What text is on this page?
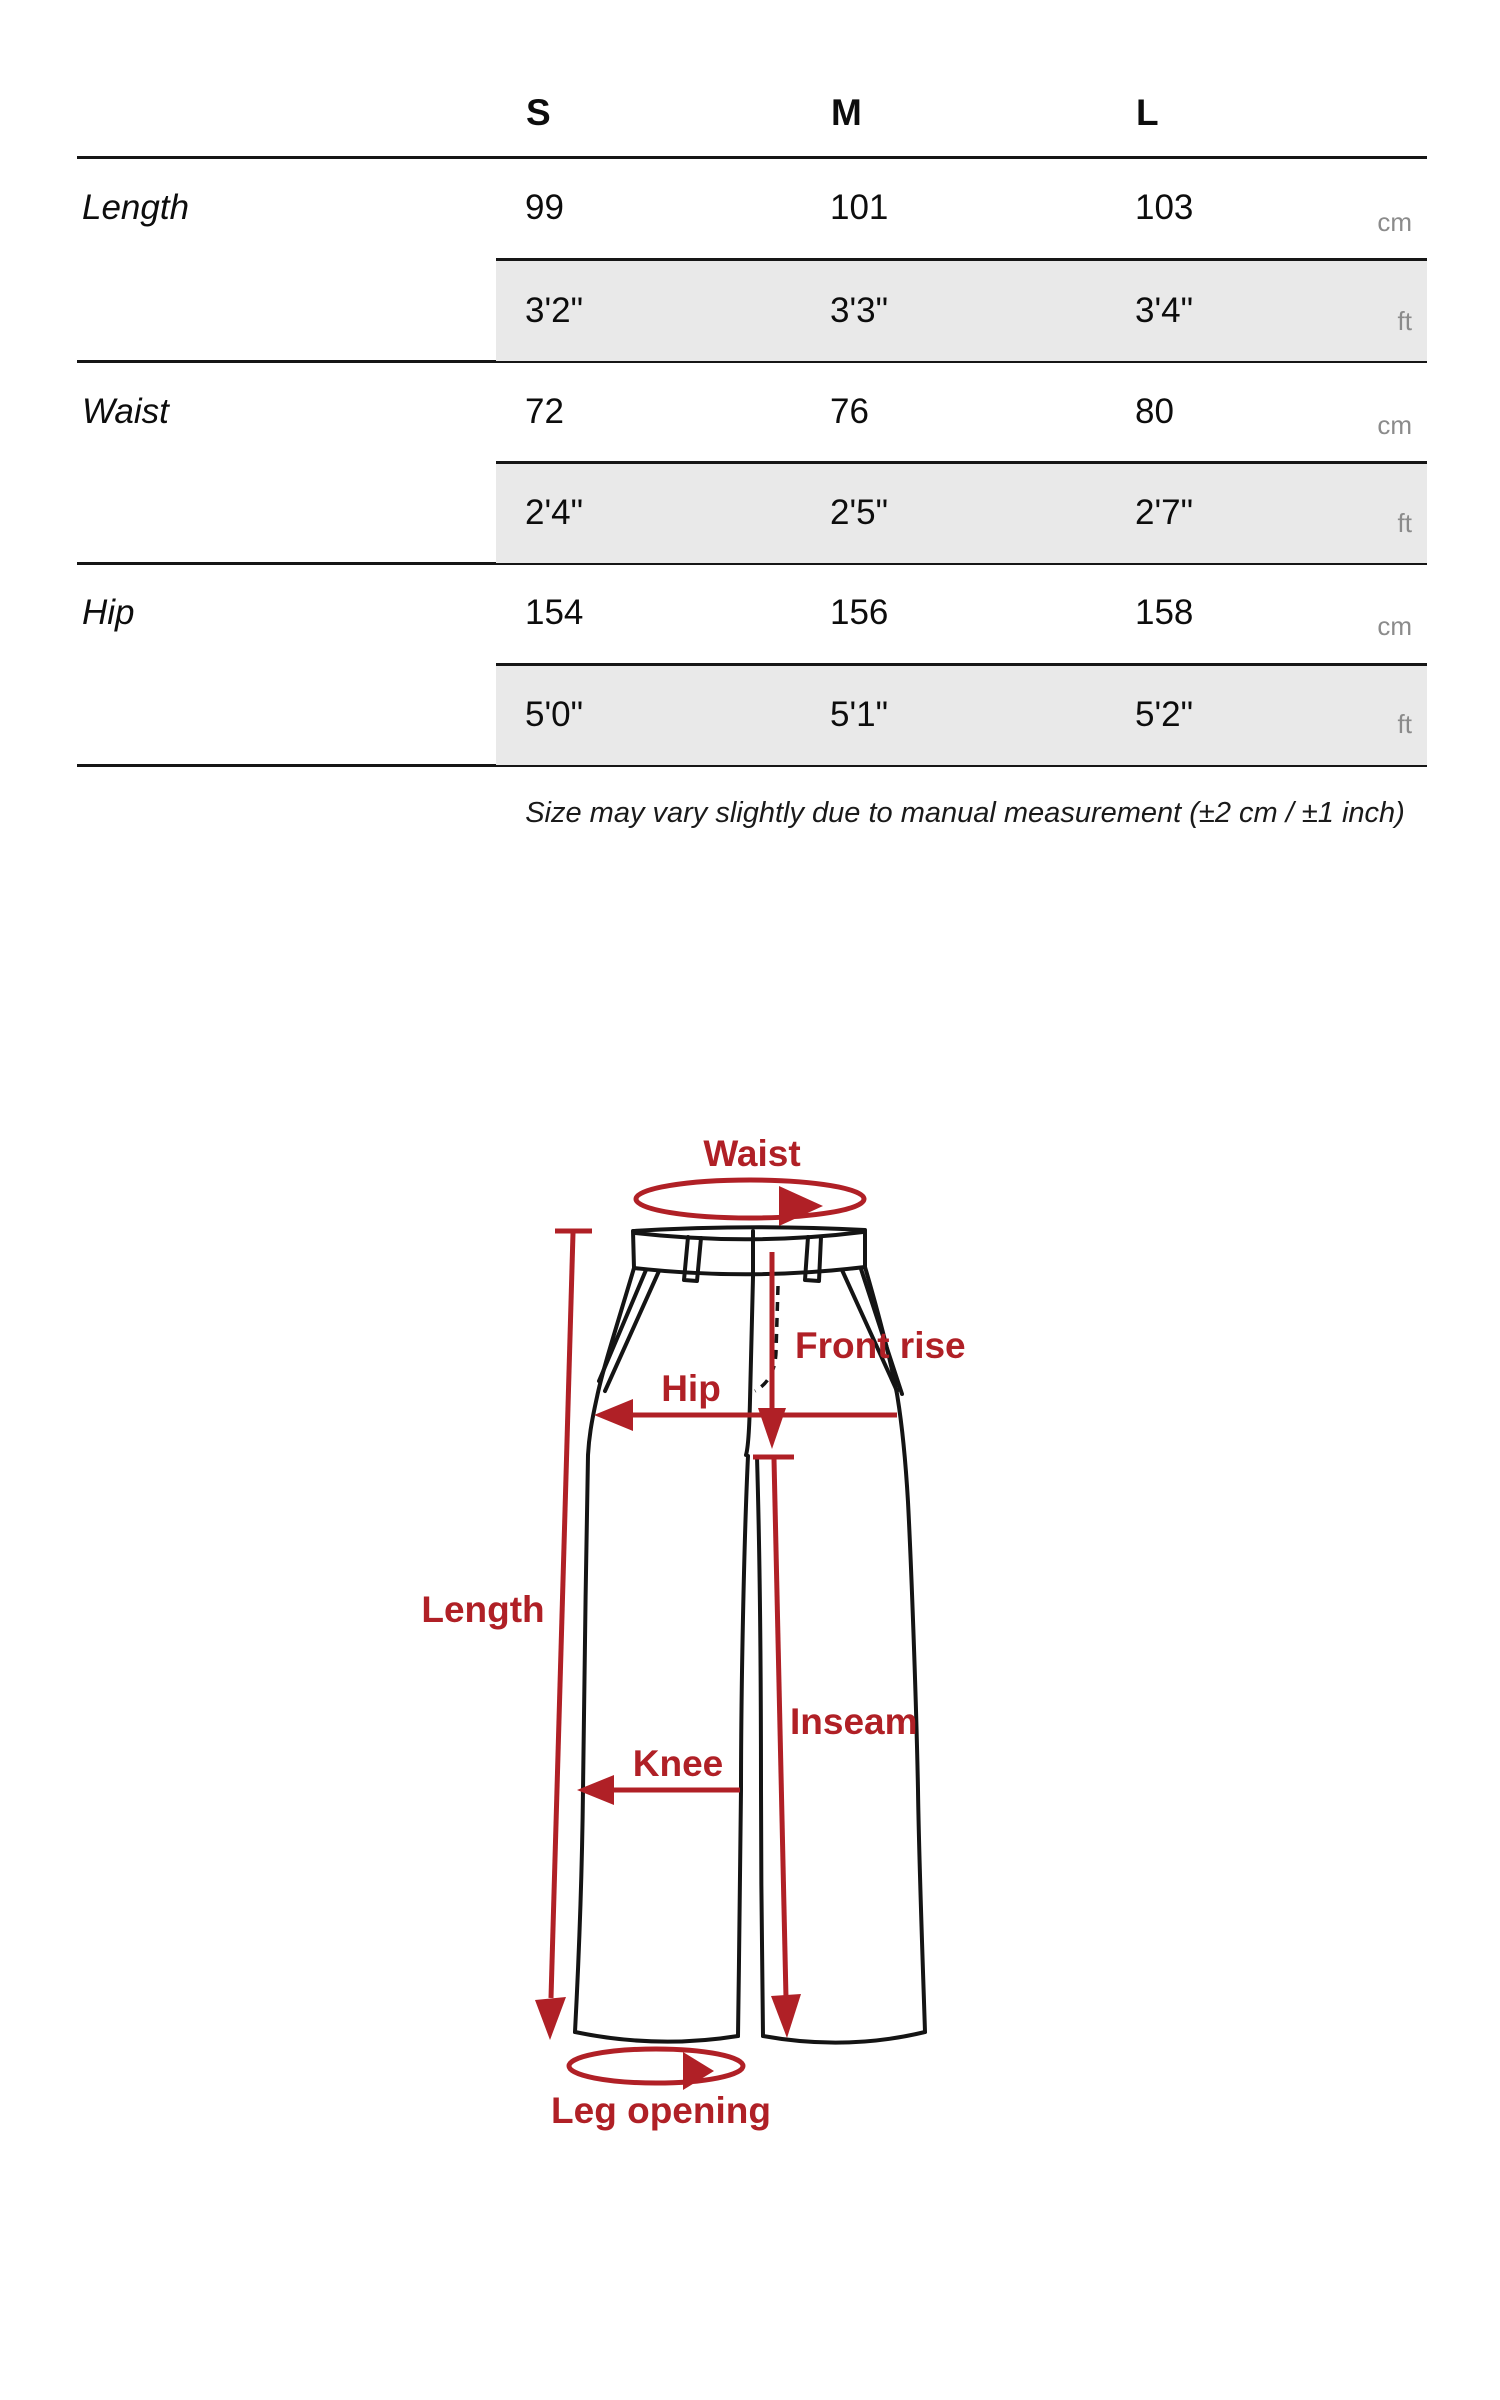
S	M	L
Length	99	101	103	cm
3'2"	3'3"	3'4"	ft
Waist	72	76	80	cm
2'4"	2'5"	2'7"	ft
Hip	154	156	158	cm
5'0"	5'1"	5'2"	ft
Size may vary slightly due to manual measurement (±2 cm / ±1 inch)
Waist
Front rise
Hip
Length
Knee
Inseam
Leg opening
